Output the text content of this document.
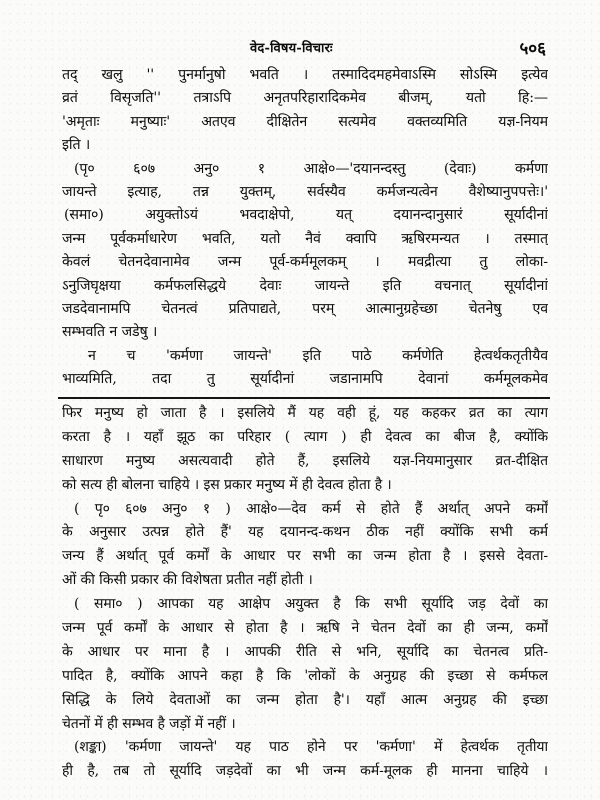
वेद-विषय-विचारः	५०६
तद् खलु '' पुनर्मानुषो भवति । तस्मादिदमहमेवाऽस्मि सोऽस्मि इत्येव
व्रतं विसृजति'' तत्राऽपि अनृतपरिहारादिकमेव बीजम्, यतो हि:—
'अमृताः मनुष्याः' अतएव दीक्षितेन सत्यमेव वक्तव्यमिति यज्ञ-नियम
इति ।
(पृ० ६०७ अनु० १ आक्षे०—'दयानन्दस्तु (देवाः) कर्मणा
जायन्ते इत्याह, तन्न युक्तम्, सर्वस्यैव कर्मजन्यत्वेन वैशेष्यानुपपत्तेः।'
(समा०) अयुक्तोऽयं भवदाक्षेपो, यत् दयानन्दानुसारं सूर्यादीनां
जन्म पूर्वकर्माधारेण भवति, यतो नैवं क्वापि ऋषिरमन्यत । तस्मात्
केवलं चेतनदेवानामेव जन्म पूर्व-कर्ममूलकम् । मवद्रीत्या तु लोका-
ऽनुजिघृक्षया कर्मफलसिद्धये देवाः जायन्ते इति वचनात् सूर्यादीनां
जडदेवानामपि चेतनत्वं प्रतिपाद्यते, परम् आत्मानुग्रहेच्छा चेतनेषु एव
सम्भवति न जडेषु ।
न च 'कर्मणा जायन्ते' इति पाठे कर्मणेति हेत्वर्थकतृतीयैव
भाव्यमिति, तदा तु सूर्यादीनां जडानामपि देवानां कर्ममूलकमेव
फिर मनुष्य हो जाता है । इसलिये मैं यह वही हूं, यह कहकर व्रत का त्याग
करता है । यहाँ झूठ का परिहार ( त्याग ) ही देवत्व का बीज है, क्योंकि
साधारण मनुष्य असत्यवादी होते हैं, इसलिये यज्ञ-नियमानुसार व्रत-दीक्षित
को सत्य ही बोलना चाहिये । इस प्रकार मनुष्य में ही देवत्व होता है ।
( पृ० ६०७ अनु० १ ) आक्षे०—देव कर्म से होते हैं अर्थात् अपने कर्मों
के अनुसार उत्पन्न होते हैं' यह दयानन्द-कथन ठीक नहीं क्योंकि सभी कर्म
जन्य हैं अर्थात् पूर्व कर्मों के आधार पर सभी का जन्म होता है । इससे देवता-
ओं की किसी प्रकार की विशेषता प्रतीत नहीं होती ।
( समा० ) आपका यह आक्षेप अयुक्त है कि सभी सूर्यादि जड़ देवों का
जन्म पूर्व कर्मों के आधार से होता है । ऋषि ने चेतन देवों का ही जन्म, कर्मों
के आधार पर माना है । आपकी रीति से भनि, सूर्यादि का चेतनत्व प्रति-
पादित है, क्योंकि आपने कहा है कि 'लोकों के अनुग्रह की इच्छा से कर्मफल
सिद्धि के लिये देवताओं का जन्म होता है'। यहाँ आत्म अनुग्रह की इच्छा
चेतनों में ही सम्भव है जड़ों में नहीं ।
(शङ्का) 'कर्मणा जायन्ते' यह पाठ होने पर 'कर्मणा' में हेत्वर्थक तृतीया
ही है, तब तो सूर्यादि जड़देवों का भी जन्म कर्म-मूलक ही मानना चाहिये ।
